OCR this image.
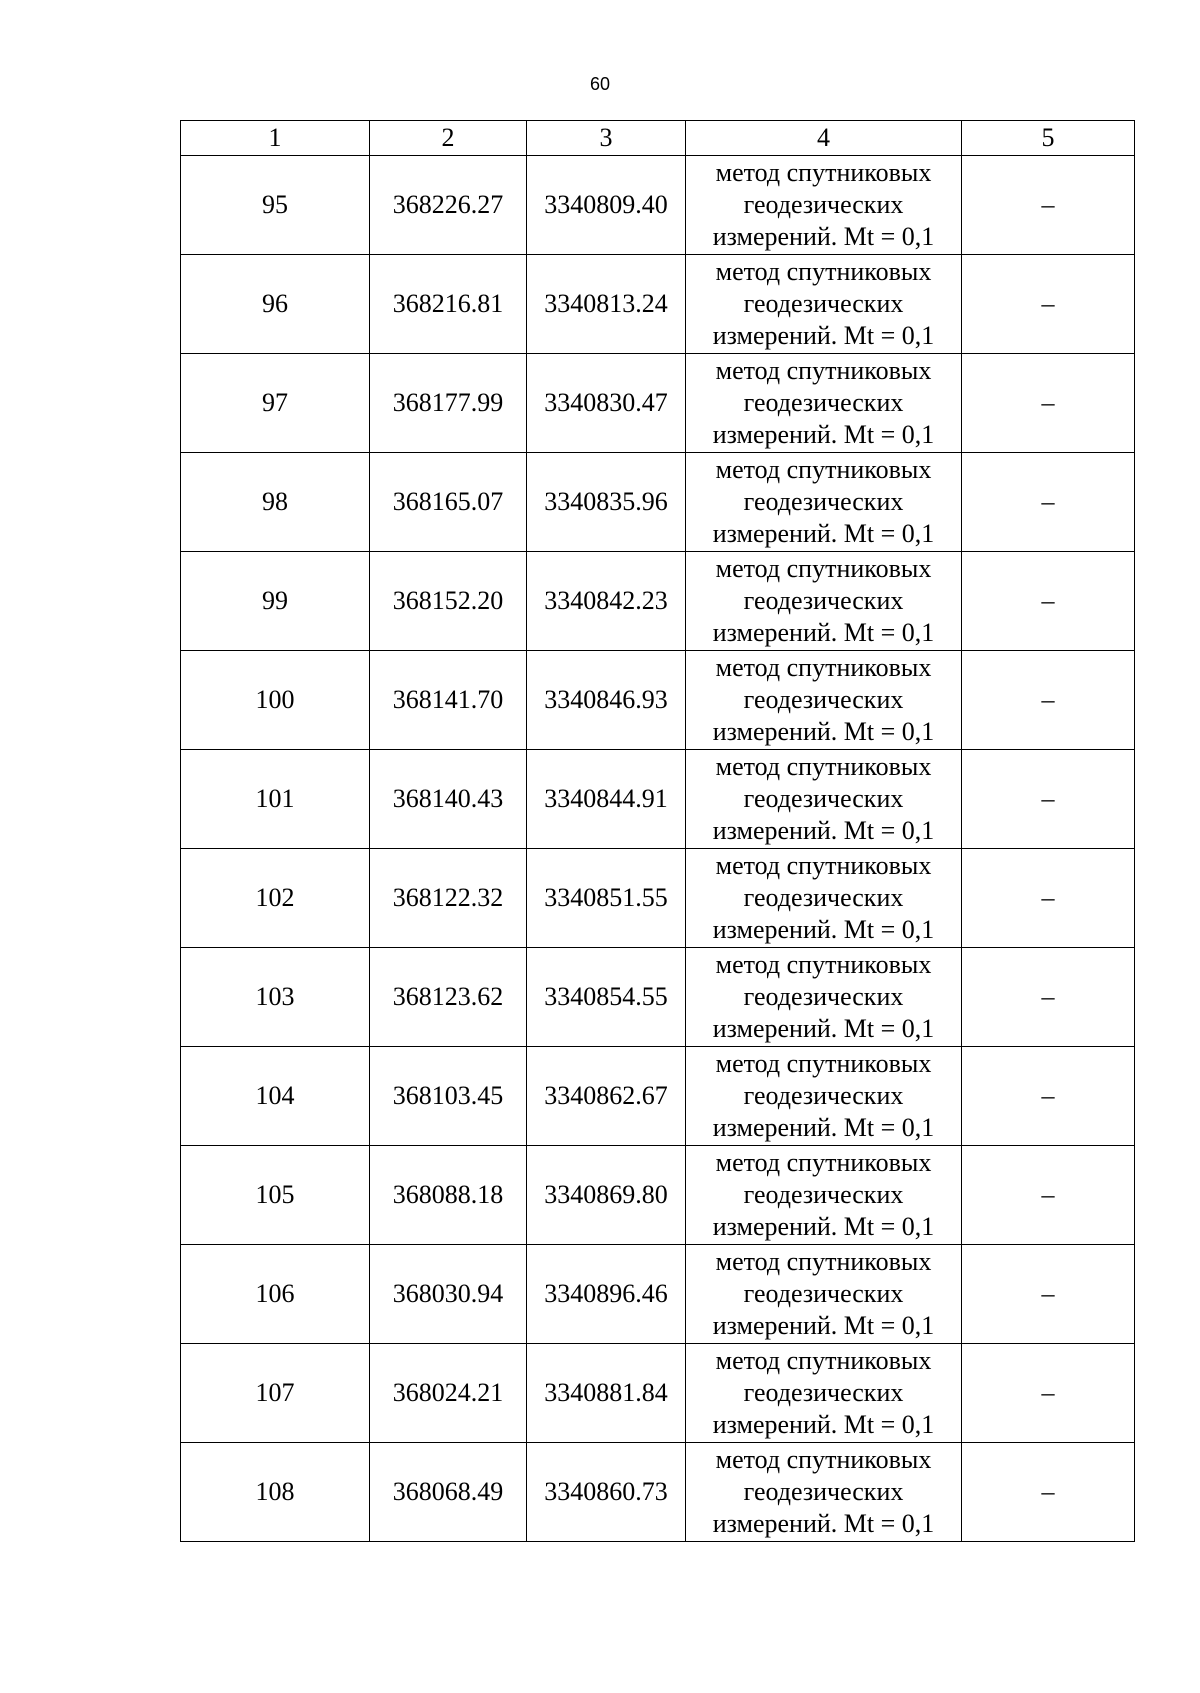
60
1	2	3	4	5
95	368226.27	3340809.40	метод спутниковых
геодезических
измерений. Mt = 0,1	–
96	368216.81	3340813.24	метод спутниковых
геодезических
измерений. Mt = 0,1	–
97	368177.99	3340830.47	метод спутниковых
геодезических
измерений. Mt = 0,1	–
98	368165.07	3340835.96	метод спутниковых
геодезических
измерений. Mt = 0,1	–
99	368152.20	3340842.23	метод спутниковых
геодезических
измерений. Mt = 0,1	–
100	368141.70	3340846.93	метод спутниковых
геодезических
измерений. Mt = 0,1	–
101	368140.43	3340844.91	метод спутниковых
геодезических
измерений. Mt = 0,1	–
102	368122.32	3340851.55	метод спутниковых
геодезических
измерений. Mt = 0,1	–
103	368123.62	3340854.55	метод спутниковых
геодезических
измерений. Mt = 0,1	–
104	368103.45	3340862.67	метод спутниковых
геодезических
измерений. Mt = 0,1	–
105	368088.18	3340869.80	метод спутниковых
геодезических
измерений. Mt = 0,1	–
106	368030.94	3340896.46	метод спутниковых
геодезических
измерений. Mt = 0,1	–
107	368024.21	3340881.84	метод спутниковых
геодезических
измерений. Mt = 0,1	–
108	368068.49	3340860.73	метод спутниковых
геодезических
измерений. Mt = 0,1	–
